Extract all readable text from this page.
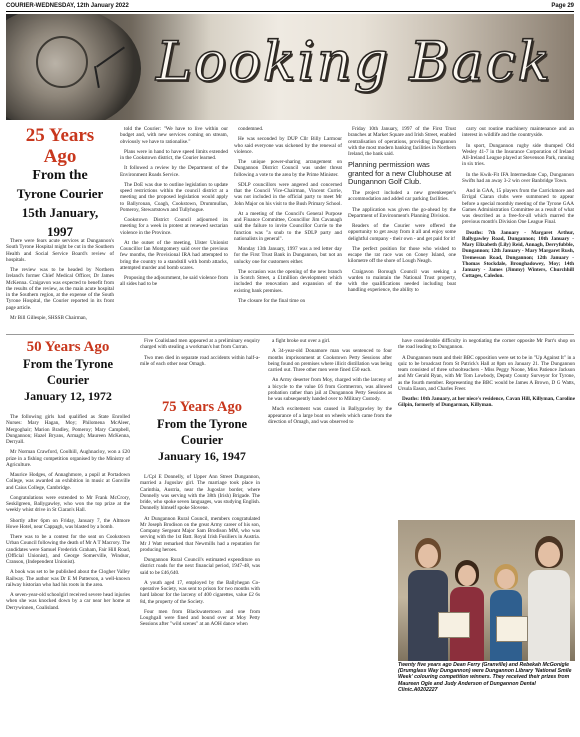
COURIER-WEDNESDAY, 12th January 2022	Page 29
Looking Back
25 Years
Ago
From the
Tyrone Courier
15th January,
1997

There were fears acute services at Dungannon's South Tyrone Hospital might be cut in the Southern Health and Social Service Board's review of hospitals.

The review was to be headed by Northern Ireland's former Chief Medical Officer, Dr James McKenna. Craigavon was expected to benefit from the results of the review, as the main acute hospital in the Southern region, at the expense of the South Tyrone Hospital, the Courier reported in its front page article.

Mr Bill Gillespie, SHSSB Chairman,

told the Courier: "We have to live within our budget and, with new services coming on stream, obviously we have to rationalise."

Plans were in hand to have speed limits extended in the Cookstown district, the Courier learned.

It followed a review by the Department of the Environment Roads Service.

The DoE was due to outline legislation to update speed restrictions within the council district at a meeting and the proposed legislation would apply to Ballyronan, Coagh, Cookstown, Drummullan, Pomeroy, Stewartstown and Tullyhogue.

Cookstown District Council adjourned its meeting for a week in protest at renewed sectarian violence in the Province.

At the outset of the meeting, Ulster Unionist Councillor Ian Montgomery said over the previous few months, the Provisional IRA had attempted to bring the country to a standstill with bomb attacks, attempted murder and bomb scares.

Proposing the adjournment, he said violence from all sides had to be

condemned.

He was seconded by DUP Cllr Billy Larmour who said everyone was sickened by the renewal of violence.

The unique power-sharing arrangement on Dungannon District Council was under threat following a vote to the area by the Prime Minister.

SDLP councillors were angered and concerned that the Council Vice-Chairman, Vincent Currie, was not included in the official party to meet Mr John Major on his visit to the Bush Primary School.

At a meeting of the Council's General Purpose and Finance Committee, Councillor Jim Cavanagh said the failure to invite Councillor Currie to the function was "a snub to the SDLP party and nationalists in general".

Monday 13th January, 1997 was a red letter day for the First Trust Bank in Dungannon, but not an unlucky one for customers either.

The occasion was the opening of the new branch in Scotch Street, a £1million development which included the renovation and expansion of the existing bank premises.

The closure for the final time on

Friday 10th January, 1997 of the First Trust branches at Market Square and Irish Street, enabled centralisation of operations, providing Dungannon with the most modern banking facilities in Northern Ireland, the bank said.

Planning permission was granted for a new Clubhouse at Dungannon Golf Club.

The project included a new greenkeeper's accommodation and added car parking facilities.

The application was given the go-ahead by the Department of Environment's Planning Division.

Readers of the Courier were offered the opportunity to get away from it all and enjoy some delightful company - their own - and get paid for it!

The perfect position for those who wished to escape the rat race was on Coney Island, one kilometre off the shore of Lough Neagh.

Craigavon Borough Council was seeking a warden to maintain the National Trust property, with the qualifications needed including boat handling experience, the ability to

carry out routine machinery maintenance and an interest in wildlife and the countryside.

In sport, Dungannon rugby side thumped Old Wesley 41-7 in the Insurance Corporation of Ireland All-Ireland League played at Stevenson Park, running in six tries.

In the Kwik-Fit IFA Intermediate Cup, Dungannon Swifts had an away 3-2 win over Banbridge Town.

And in GAA, 15 players from the Carrickmore and Errigal Ciaran clubs were summoned to appear before a special monthly meeting of the Tyrone GAA Games Administration Committee as a result of what was described as a free-for-all which marred the previous month's Division One League Final.

Deaths: 7th January - Margaret Arthur, Ballygawley Road, Dungannon; 10th January - Mary Elizabeth (Lily) Reid, Annagh, Derryfubble, Dungannon; 12th January - Mary Margaret Rush, Tremessan Road, Dungannon; 12th January - Thomas Stockdale, Broughadowey, Moy; 14th January - James (Jimmy) Winters, Churchhill Cottages, Caledon.

50 Years Ago
From the Tyrone
Courier
January 12, 1972

The following girls had qualified as State Enrolled Nurses: Mary Hagan, Moy; Philomena McAleer, Mergoghair; Marion Bradley, Pomeroy; Mary Campbell, Dungannon; Hazel Bryans, Armagh; Maureen McKenna, Derryall.

Mr Norman Crawford, Coolhill, Aughnacloy, won a £20 prize in a fishing competition organised by the Ministry of Agriculture.

Maurice Hodges, of Annaghmore, a pupil at Portadown College, was awarded an exhibition in music at Gonville and Caius College, Cambridge.

Congratulations were extended to Mr Frank McCrory, Seskilgreen, Ballygawley, who won the top prize at the weekly whist drive in St Ciaran's Hall.

Shortly after 6pm on Friday, January 7, the Altmore Howe Hotel, near Cappagh, was blasted by a bomb.

There was to be a contest for the seat on Cookstown Urban Council following the death of Mr A T Macrory. The candidates were Samuel Frederick Graham, Fair Hill Road, (Official Unionist), and George Somerville, Windsor, Cranson, (Independent Unionist).

A book was set to be published about the Clogher Valley Railway. The author was Dr E M Patterson, a well-known railway historian who had his roots in the area.

A seven-year-old schoolgirl received severe head injuries when she was knocked down by a car near her home at Derrywinnen, Coalisland.

Five Coalisland men appeared at a preliminary enquiry charged with stealing a workman's hut from Curran.

Two men died in separate road accidents within half-a-mile of each other near Omagh.

75 Years Ago
From the Tyrone
Courier
January 16, 1947

L/Cpl E Donnelly, of Upper Ann Street Dungannon, married a Jugoslav girl. The marriage took place in Carinthia, Austria, near the Jugoslav border, where Donnelly was serving with the 38th (Irish) Brigade. The bride, who spoke seven languages, was studying English. Donnelly himself spoke Slovene.

At Dungannon Rural Council, members congratulated Mr Joseph Brodison on the great Army career of his son, Company Sergeant Major Sam Brodison MM, who was serving with the 1st Batt. Royal Irish Fusiliers in Austria. Mr J Watt remarked that Newmills had a reputation for producing heroes.

Dungannon Rural Council's estimated expenditure on district roads for the next financial period, 1947-48, was said to be £46,640.

A youth aged 17, employed by the Ballyhegan Co-operative Society, was sent to prison for two months with hard labour for the larceny of 400 cigarettes, value £2 6s 8d, the property of the Society.

Four men from Blackwatertown and one from Loughgall were fined and bound over at Moy Petty Sessions after "wild scenes" at an AOH dance when

a fight broke out over a girl.

A 34-year-old Donamore man was sentenced to four months imprisonment at Cookstown Petty Sessions after being found on premises where illicit distillation was being carried out. Three other men were fined £50 each.

An Army deserter from Moy, charged with the larceny of a bicycle to the value £6 from Gortmerron, was allowed probation rather than jail at Dungannon Petty Sessions as he was subsequently handed over to Military Custody.

Much excitement was caused in Ballygawley by the appearance of a large boat on wheels which came from the direction of Omagh, and was observed to

have considerable difficulty in negotiating the corner opposite Mr Parr's shop on the road leading to Dungannon.

A Dungannon team and their BBC opposition were set to be in "Up Against It" in a quiz to be broadcast from St Patrick's Hall at 8pm on January 21. The Dungannon team consisted of three schoolteachers - Miss Peggy Noone, Miss Patience Jackson and Mr Gerald Ryan, with Mr Tom Lowbody, Deputy County Surveyor for Tyrone, as the fourth member. Representing the BBC would be James A Brown, D G Watts, Ursula Eason, and Charles Freer.

Deaths: 10th January, at her niece's residence, Cavan Hill, Killyman, Caroline Gilpin, formerly of Dungarman, Killyman.

Twenty five years ago Dean Ferry (Granville) and Rebekah McGonigle (Drumglass Way Dungannon) were Dungannon Library 'National Smile Week' colouring competition winners. They received their prizes from Maureen Ogle and Judy Anderson of Dungannon Dental Clinic.A0202227
